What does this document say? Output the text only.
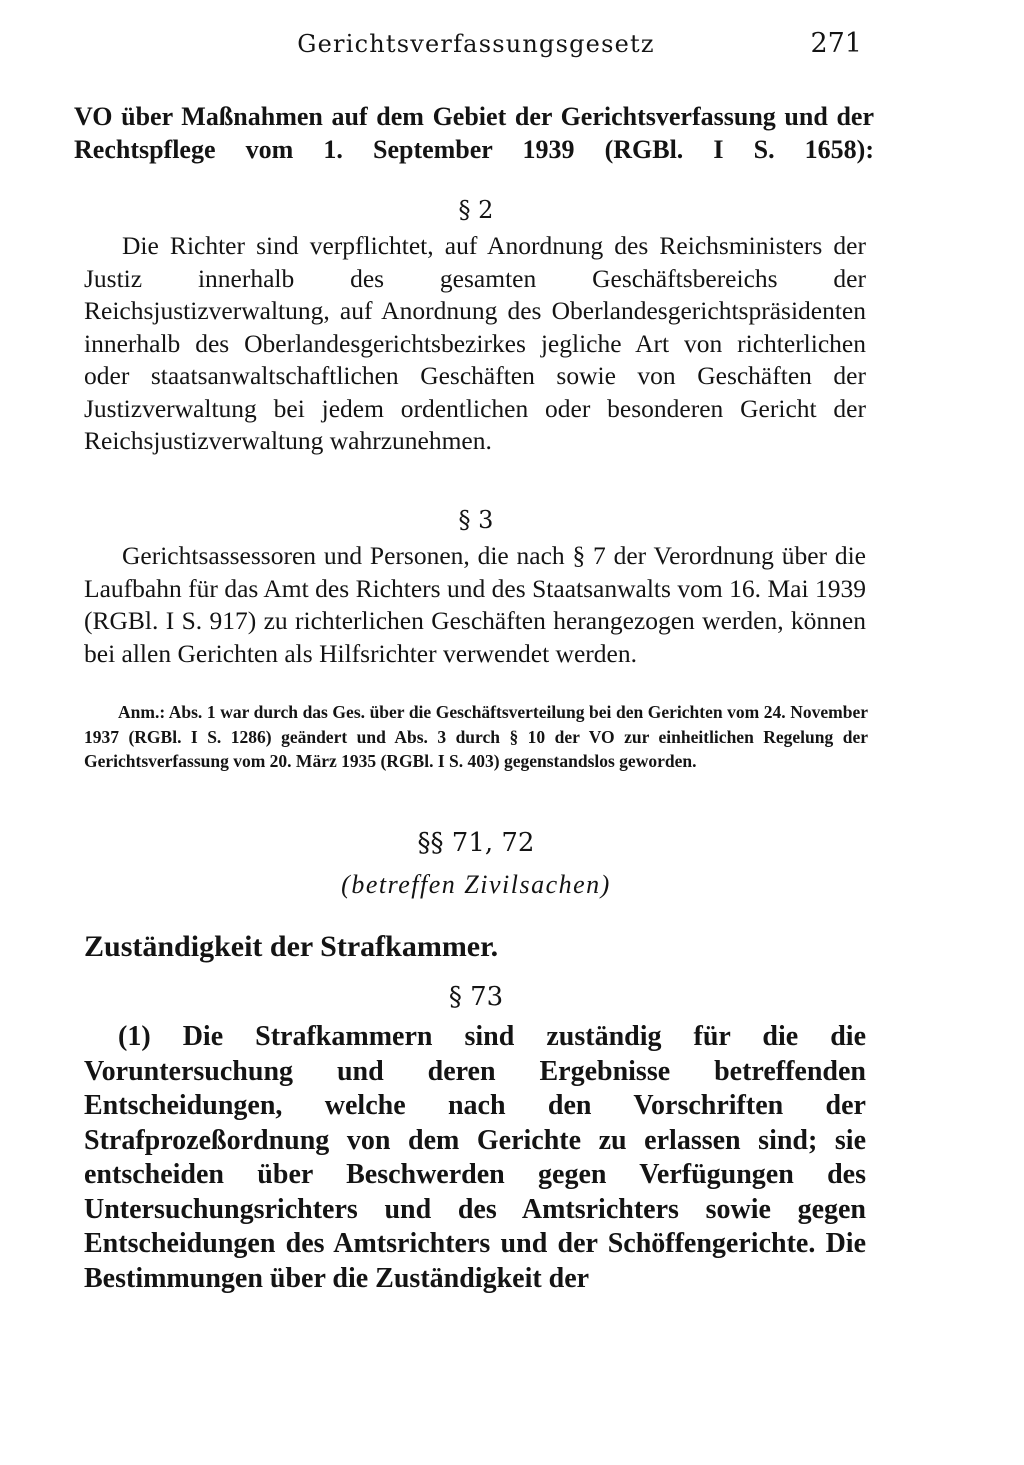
Gerichtsverfassungsgesetz	271
VO über Maßnahmen auf dem Gebiet der Gerichtsverfassung und der Rechtspflege vom 1. September 1939 (RGBl. I S. 1658):
§ 2

Die Richter sind verpflichtet, auf Anordnung des Reichsministers der Justiz innerhalb des gesamten Geschäftsbereichs der Reichsjustizverwaltung, auf Anordnung des Oberlandesgerichtspräsidenten innerhalb des Oberlandesgerichtsbezirkes jegliche Art von richterlichen oder staatsanwaltschaftlichen Geschäften sowie von Geschäften der Justizverwaltung bei jedem ordentlichen oder besonderen Gericht der Reichsjustizverwaltung wahrzunehmen.

§ 3

Gerichtsassessoren und Personen, die nach § 7 der Verordnung über die Laufbahn für das Amt des Richters und des Staatsanwalts vom 16. Mai 1939 (RGBl. I S. 917) zu richterlichen Geschäften herangezogen werden, können bei allen Gerichten als Hilfsrichter verwendet werden.

Anm.: Abs. 1 war durch das Ges. über die Geschäftsverteilung bei den Gerichten vom 24. November 1937 (RGBl. I S. 1286) geändert und Abs. 3 durch § 10 der VO zur einheitlichen Regelung der Gerichtsverfassung vom 20. März 1935 (RGBl. I S. 403) gegenstandslos geworden.

§§ 71, 72
(betreffen Zivilsachen)
Zuständigkeit der Strafkammer.
§ 73

(1) Die Strafkammern sind zuständig für die die Voruntersuchung und deren Ergebnisse betreffenden Entscheidungen, welche nach den Vorschriften der Strafprozeßordnung von dem Gerichte zu erlassen sind; sie entscheiden über Beschwerden gegen Verfügungen des Untersuchungsrichters und des Amtsrichters sowie gegen Entscheidungen des Amtsrichters und der Schöffengerichte. Die Bestimmungen über die Zuständigkeit der
